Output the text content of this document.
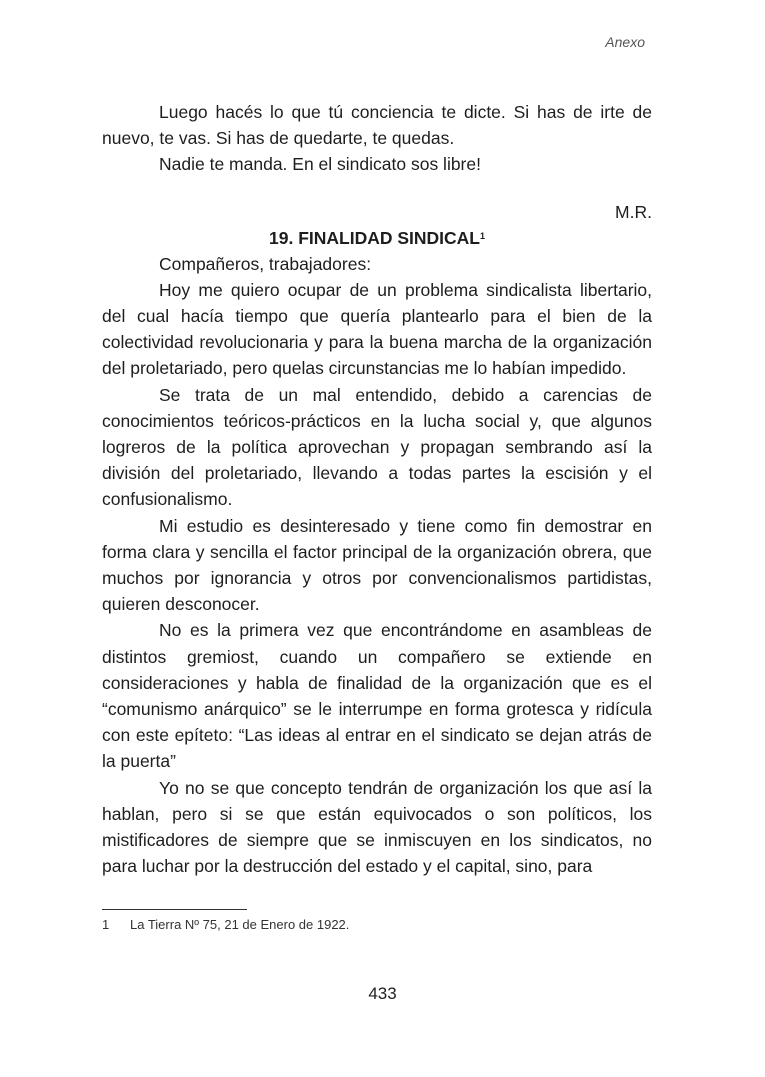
Anexo

Luego hacés lo que tú conciencia te dicte. Si has de irte de nuevo, te vas. Si has de quedarte, te quedas.

Nadie te manda. En el sindicato sos libre!

M.R.
19. FINALIDAD SINDICAL$^1$

Compañeros, trabajadores:

Hoy me quiero ocupar de un problema sindicalista libertario, del cual hacía tiempo que quería plantearlo para el bien de la colectividad revolucionaria y para la buena marcha de la organización del proletariado, pero quelas circunstancias me lo habían impedido.

Se trata de un mal entendido, debido a carencias de conocimientos teóricos-prácticos en la lucha social y, que algunos logreros de la política aprovechan y propagan sembrando así la división del proletariado, llevando a todas partes la escisión y el confusionalismo.

Mi estudio es desinteresado y tiene como fin demostrar en forma clara y sencilla el factor principal de la organización obrera, que muchos por ignorancia y otros por convencionalismos partidistas, quieren desconocer.

No es la primera vez que encontrándome en asambleas de distintos gremiost, cuando un compañero se extiende en consideraciones y habla de finalidad de la organización que es el “comunismo anárquico” se le interrumpe en forma grotesca y ridícula con este epíteto: “Las ideas al entrar en el sindicato se dejan atrás de la puerta”

Yo no se que concepto tendrán de organización los que así la hablan, pero si se que están equivocados o son políticos, los mistificadores de siempre que se inmiscuyen en los sindicatos, no para luchar por la destrucción del estado y el capital, sino, para

1 La Tierra Nº 75, 21 de Enero de 1922.
433
